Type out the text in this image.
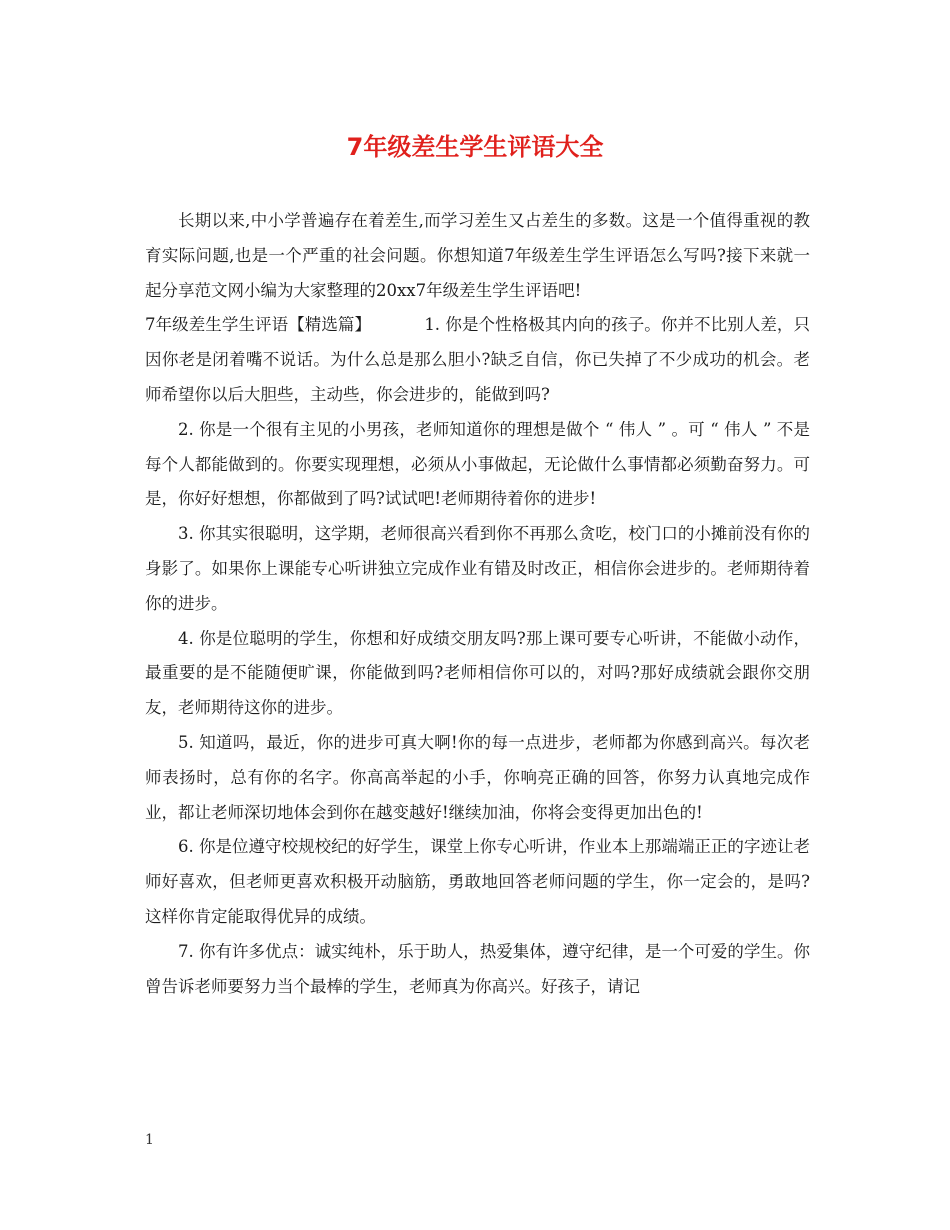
7年级差生学生评语大全

长期以来,中小学普遍存在着差生,而学习差生又占差生的多数。这是一个值得重视的教育实际问题,也是一个严重的社会问题。你想知道7年级差生学生评语怎么写吗?接下来就一起分享范文网小编为大家整理的20xx7年级差生学生评语吧!

7年级差生学生评语【精选篇】	1. 你是个性格极其内向的孩子。你并不比别人差，只因你老是闭着嘴不说话。为什么总是那么胆小?缺乏自信，你已失掉了不少成功的机会。老师希望你以后大胆些，主动些，你会进步的，能做到吗?

2. 你是一个很有主见的小男孩，老师知道你的理想是做个 “ 伟人 ” 。可 “ 伟人 ” 不是每个人都能做到的。你要实现理想，必须从小事做起，无论做什么事情都必须勤奋努力。可是，你好好想想，你都做到了吗?试试吧!老师期待着你的进步!

3. 你其实很聪明，这学期，老师很高兴看到你不再那么贪吃，校门口的小摊前没有你的身影了。如果你上课能专心听讲独立完成作业有错及时改正，相信你会进步的。老师期待着你的进步。

4. 你是位聪明的学生，你想和好成绩交朋友吗?那上课可要专心听讲，不能做小动作，最重要的是不能随便旷课，你能做到吗?老师相信你可以的，对吗?那好成绩就会跟你交朋友，老师期待这你的进步。

5. 知道吗，最近，你的进步可真大啊!你的每一点进步，老师都为你感到高兴。每次老师表扬时，总有你的名字。你高高举起的小手，你响亮正确的回答，你努力认真地完成作业，都让老师深切地体会到你在越变越好!继续加油，你将会变得更加出色的!

6. 你是位遵守校规校纪的好学生，课堂上你专心听讲，作业本上那端端正正的字迹让老师好喜欢，但老师更喜欢积极开动脑筋，勇敢地回答老师问题的学生，你一定会的，是吗?这样你肯定能取得优异的成绩。

7. 你有许多优点：诚实纯朴，乐于助人，热爱集体，遵守纪律，是一个可爱的学生。你曾告诉老师要努力当个最棒的学生，老师真为你高兴。好孩子，请记

1
